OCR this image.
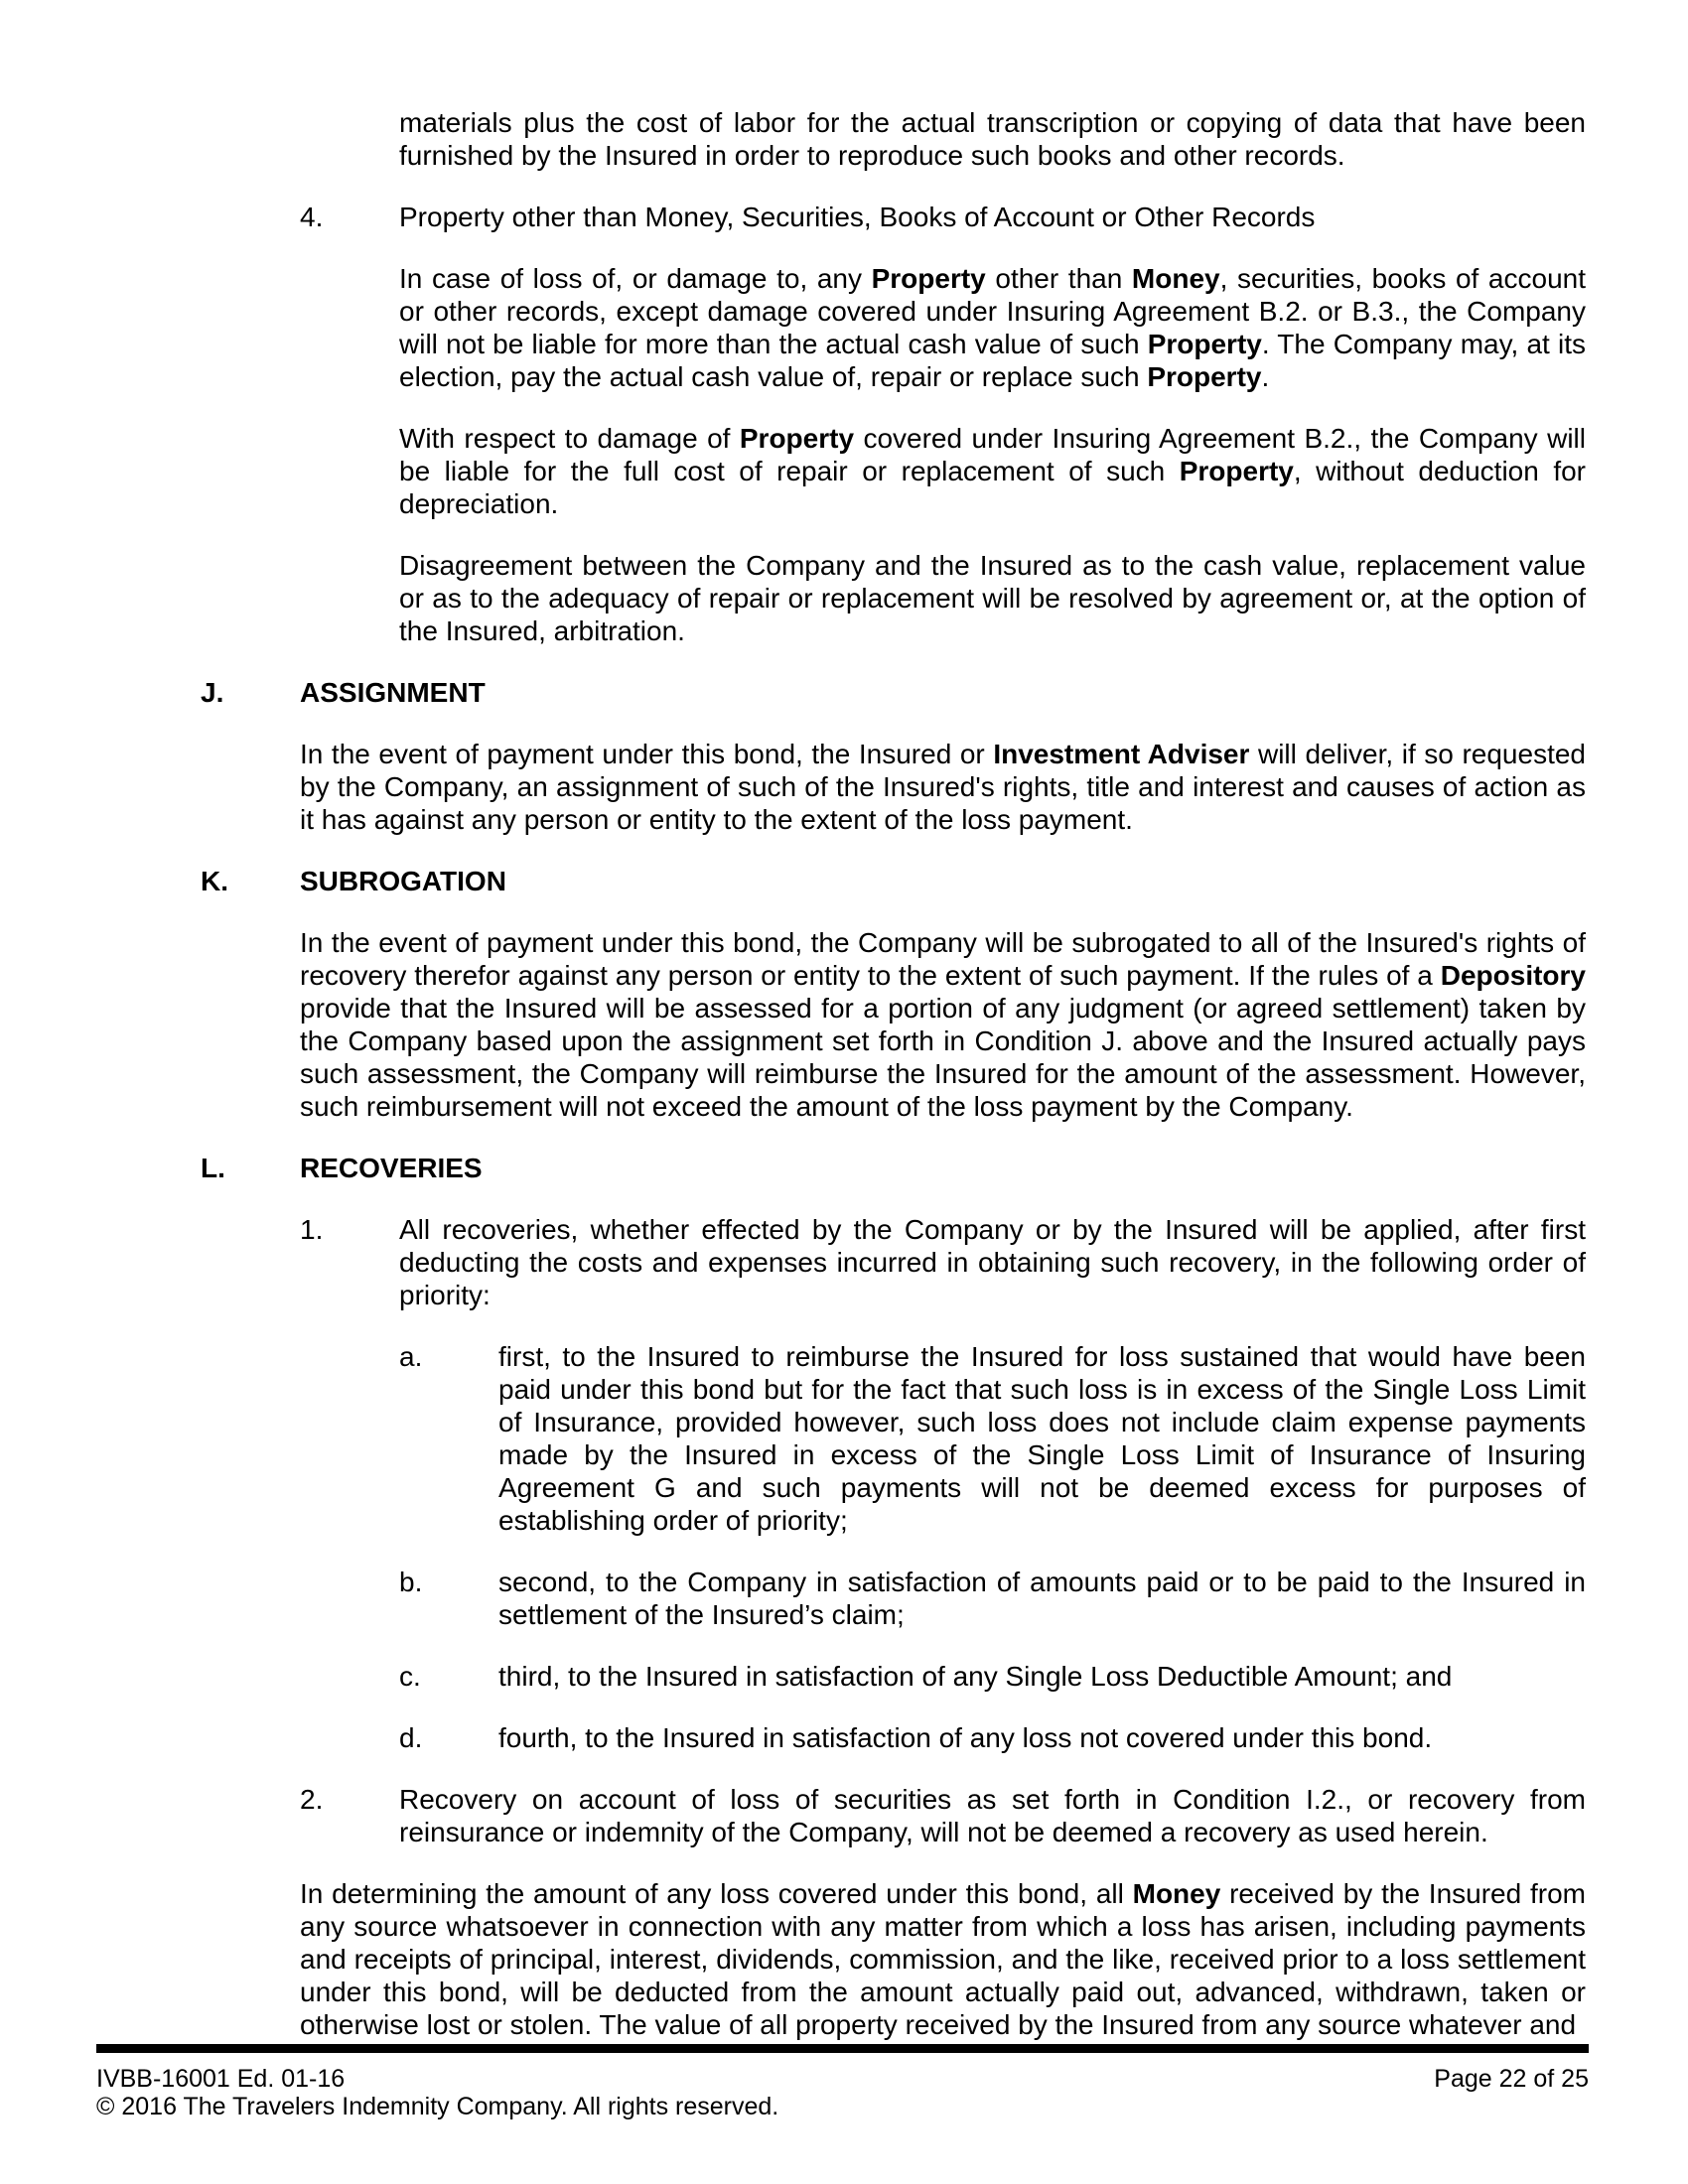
materials plus the cost of labor for the actual transcription or copying of data that have been furnished by the Insured in order to reproduce such books and other records.
4.	Property other than Money, Securities, Books of Account or Other Records
In case of loss of, or damage to, any Property other than Money, securities, books of account or other records, except damage covered under Insuring Agreement B.2. or B.3., the Company will not be liable for more than the actual cash value of such Property. The Company may, at its election, pay the actual cash value of, repair or replace such Property.
With respect to damage of Property covered under Insuring Agreement B.2., the Company will be liable for the full cost of repair or replacement of such Property, without deduction for depreciation.
Disagreement between the Company and the Insured as to the cash value, replacement value or as to the adequacy of repair or replacement will be resolved by agreement or, at the option of the Insured, arbitration.
J.	ASSIGNMENT
In the event of payment under this bond, the Insured or Investment Adviser will deliver, if so requested by the Company, an assignment of such of the Insured's rights, title and interest and causes of action as it has against any person or entity to the extent of the loss payment.
K.	SUBROGATION
In the event of payment under this bond, the Company will be subrogated to all of the Insured's rights of recovery therefor against any person or entity to the extent of such payment. If the rules of a Depository provide that the Insured will be assessed for a portion of any judgment (or agreed settlement) taken by the Company based upon the assignment set forth in Condition J. above and the Insured actually pays such assessment, the Company will reimburse the Insured for the amount of the assessment. However, such reimbursement will not exceed the amount of the loss payment by the Company.
L.	RECOVERIES
1.	All recoveries, whether effected by the Company or by the Insured will be applied, after first deducting the costs and expenses incurred in obtaining such recovery, in the following order of priority:
a.	first, to the Insured to reimburse the Insured for loss sustained that would have been paid under this bond but for the fact that such loss is in excess of the Single Loss Limit of Insurance, provided however, such loss does not include claim expense payments made by the Insured in excess of the Single Loss Limit of Insurance of Insuring Agreement G and such payments will not be deemed excess for purposes of establishing order of priority;
b.	second, to the Company in satisfaction of amounts paid or to be paid to the Insured in settlement of the Insured’s claim;
c.	third, to the Insured in satisfaction of any Single Loss Deductible Amount; and
d.	fourth, to the Insured in satisfaction of any loss not covered under this bond.
2.	Recovery on account of loss of securities as set forth in Condition I.2., or recovery from reinsurance or indemnity of the Company, will not be deemed a recovery as used herein.
In determining the amount of any loss covered under this bond, all Money received by the Insured from any source whatsoever in connection with any matter from which a loss has arisen, including payments and receipts of principal, interest, dividends, commission, and the like, received prior to a loss settlement under this bond, will be deducted from the amount actually paid out, advanced, withdrawn, taken or otherwise lost or stolen. The value of all property received by the Insured from any source whatever and
IVBB-16001 Ed. 01-16	Page 22 of 25
© 2016 The Travelers Indemnity Company. All rights reserved.
